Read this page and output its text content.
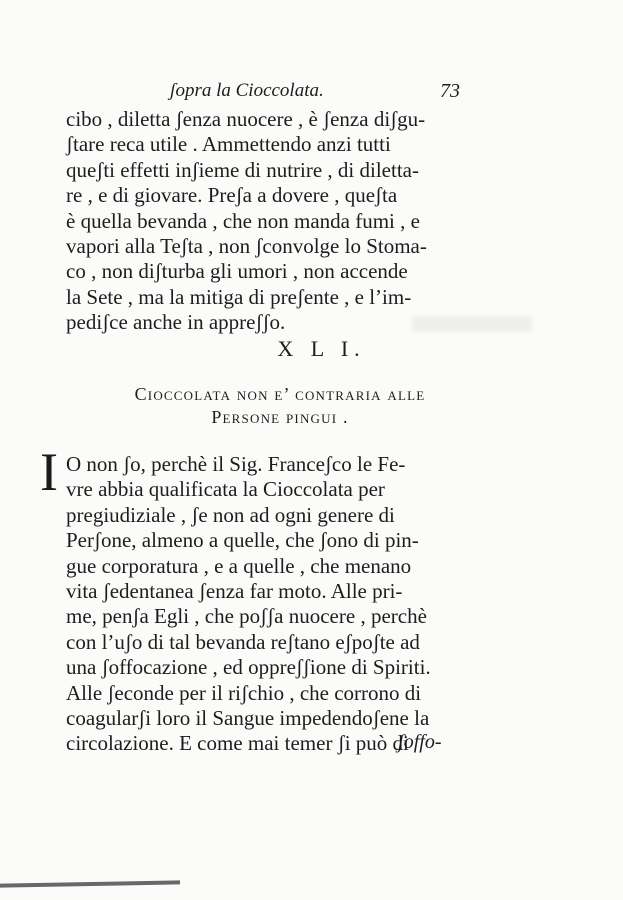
ʃopra la Cioccolata.	73
cibo , diletta ʃenza nuocere , è ʃenza diʃgu-
ʃtare reca utile . Ammettendo anzi tutti
queʃti effetti inʃieme di nutrire , di diletta-
re , e di giovare. Preʃa a dovere , queʃta
è quella bevanda , che non manda fumi , e
vapori alla Teʃta , non ʃconvolge lo Stoma-
co , non diʃturba gli umori , non accende
la Sete , ma la mitiga di preʃente , e l’im-
pediʃce anche in appreʃʃo.
X L I.
Cioccolata non e’ contraria alle
Persone pingui .
I O non ʃo, perchè il Sig. Franceʃco le Fe-
vre abbia qualificata la Cioccolata per
pregiudiziale , ʃe non ad ogni genere di
Perʃone, almeno a quelle, che ʃono di pin-
gue corporatura , e a quelle , che menano
vita ʃedentanea ʃenza far moto. Alle pri-
me, penʃa Egli , che poʃʃa nuocere , perchè
con l’uʃo di tal bevanda reʃtano eʃpoʃte ad
una ʃoffocazione , ed oppreʃʃione di Spiriti.
Alle ʃeconde per il riʃchio , che corrono di
coagularʃi loro il Sangue impedendoʃene la
circolazione. E come mai temer ʃi può di
ʃoffo-
